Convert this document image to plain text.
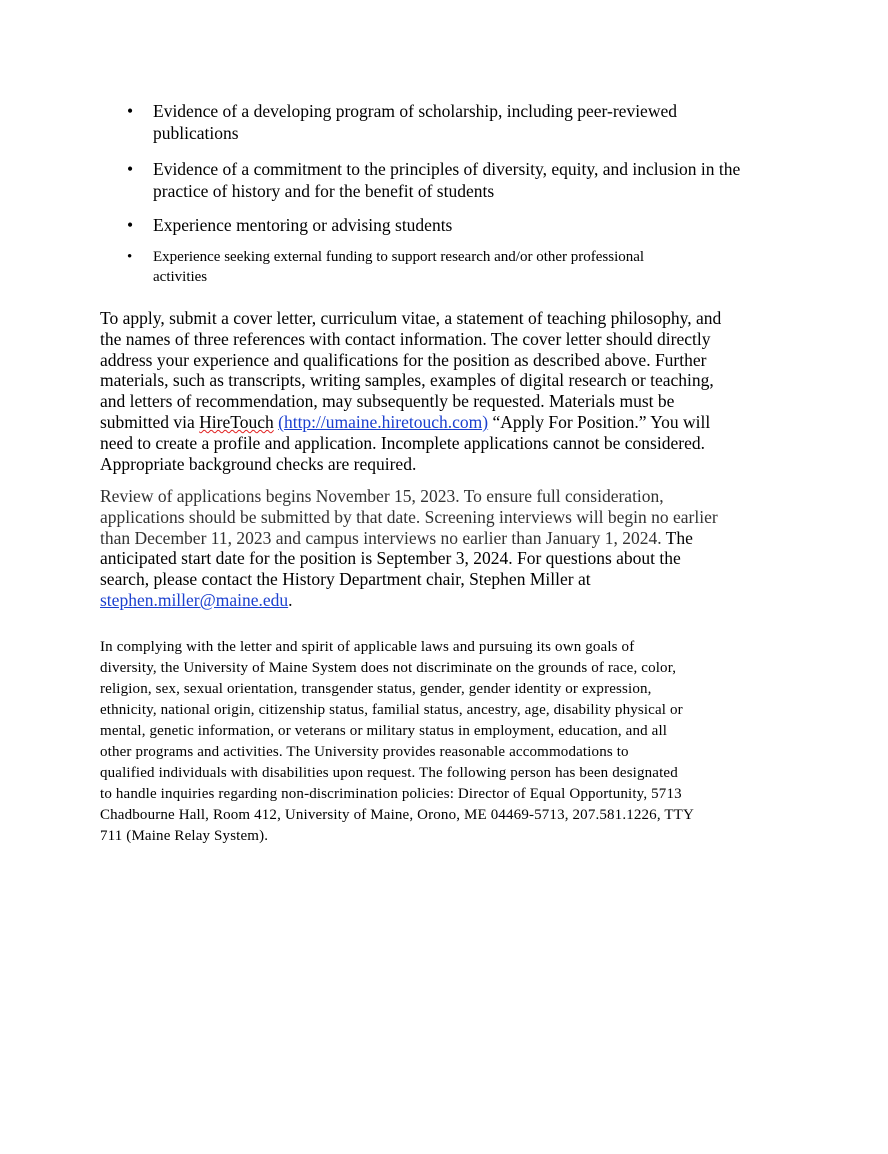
• Evidence of a developing program of scholarship, including peer-reviewed
publications
• Evidence of a commitment to the principles of diversity, equity, and inclusion in the
practice of history and for the benefit of students
• Experience mentoring or advising students
• Experience seeking external funding to support research and/or other professional
activities

To apply, submit a cover letter, curriculum vitae, a statement of teaching philosophy, and
the names of three references with contact information. The cover letter should directly
address your experience and qualifications for the position as described above. Further
materials, such as transcripts, writing samples, examples of digital research or teaching,
and letters of recommendation, may subsequently be requested. Materials must be
submitted via HireTouch (http://umaine.hiretouch.com) “Apply For Position.” You will
need to create a profile and application. Incomplete applications cannot be considered.
Appropriate background checks are required.

Review of applications begins November 15, 2023. To ensure full consideration,
applications should be submitted by that date. Screening interviews will begin no earlier
than December 11, 2023 and campus interviews no earlier than January 1, 2024. The
anticipated start date for the position is September 3, 2024. For questions about the
search, please contact the History Department chair, Stephen Miller at
stephen.miller@maine.edu.

In complying with the letter and spirit of applicable laws and pursuing its own goals of
diversity, the University of Maine System does not discriminate on the grounds of race, color,
religion, sex, sexual orientation, transgender status, gender, gender identity or expression,
ethnicity, national origin, citizenship status, familial status, ancestry, age, disability physical or
mental, genetic information, or veterans or military status in employment, education, and all
other programs and activities. The University provides reasonable accommodations to
qualified individuals with disabilities upon request. The following person has been designated
to handle inquiries regarding non-discrimination policies: Director of Equal Opportunity, 5713
Chadbourne Hall, Room 412, University of Maine, Orono, ME 04469-5713, 207.581.1226, TTY
711 (Maine Relay System).
